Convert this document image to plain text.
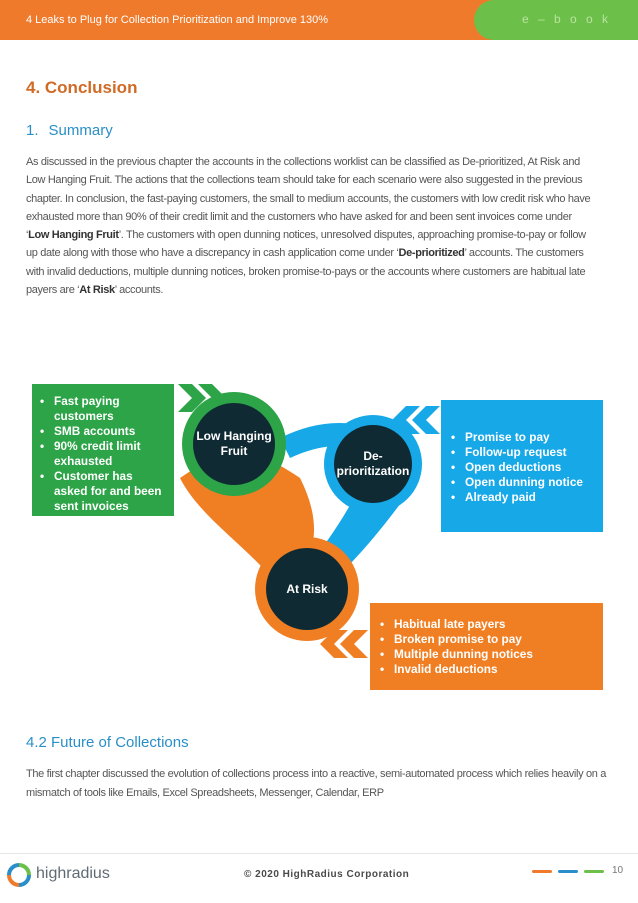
4 Leaks to Plug for Collection Prioritization and Improve 130%	e – b o o k
4. Conclusion
1. Summary

As discussed in the previous chapter the accounts in the collections worklist can be classified as De-prioritized, At Risk and Low Hanging Fruit. The actions that the collections team should take for each scenario were also suggested in the previous chapter. In conclusion, the fast-paying customers, the small to medium accounts, the customers with low credit risk who have exhausted more than 90% of their credit limit and the customers who have asked for and been sent invoices come under ‘Low Hanging Fruit’. The customers with open dunning notices, unresolved disputes, approaching promise-to-pay or follow up date along with those who have a discrepancy in cash application come under ‘De-prioritized’ accounts. The customers with invalid deductions, multiple dunning notices, broken promise-to-pays or the accounts where customers are habitual late payers are ‘At Risk’ accounts.

Low Hanging Fruit	De-prioritization
At Risk
• Fast paying customers
• SMB accounts
• 90% credit limit exhausted
• Customer has asked for and been sent invoices
• Promise to pay
• Follow-up request
• Open deductions
• Open dunning notice
• Already paid
• Habitual late payers
• Broken promise to pay
• Multiple dunning notices
• Invalid deductions
4.2 Future of Collections

The first chapter discussed the evolution of collections process into a reactive, semi-automated process which relies heavily on a mismatch of tools like Emails, Excel Spreadsheets, Messenger, Calendar, ERP

highradius	© 2020 HighRadius Corporation	10
